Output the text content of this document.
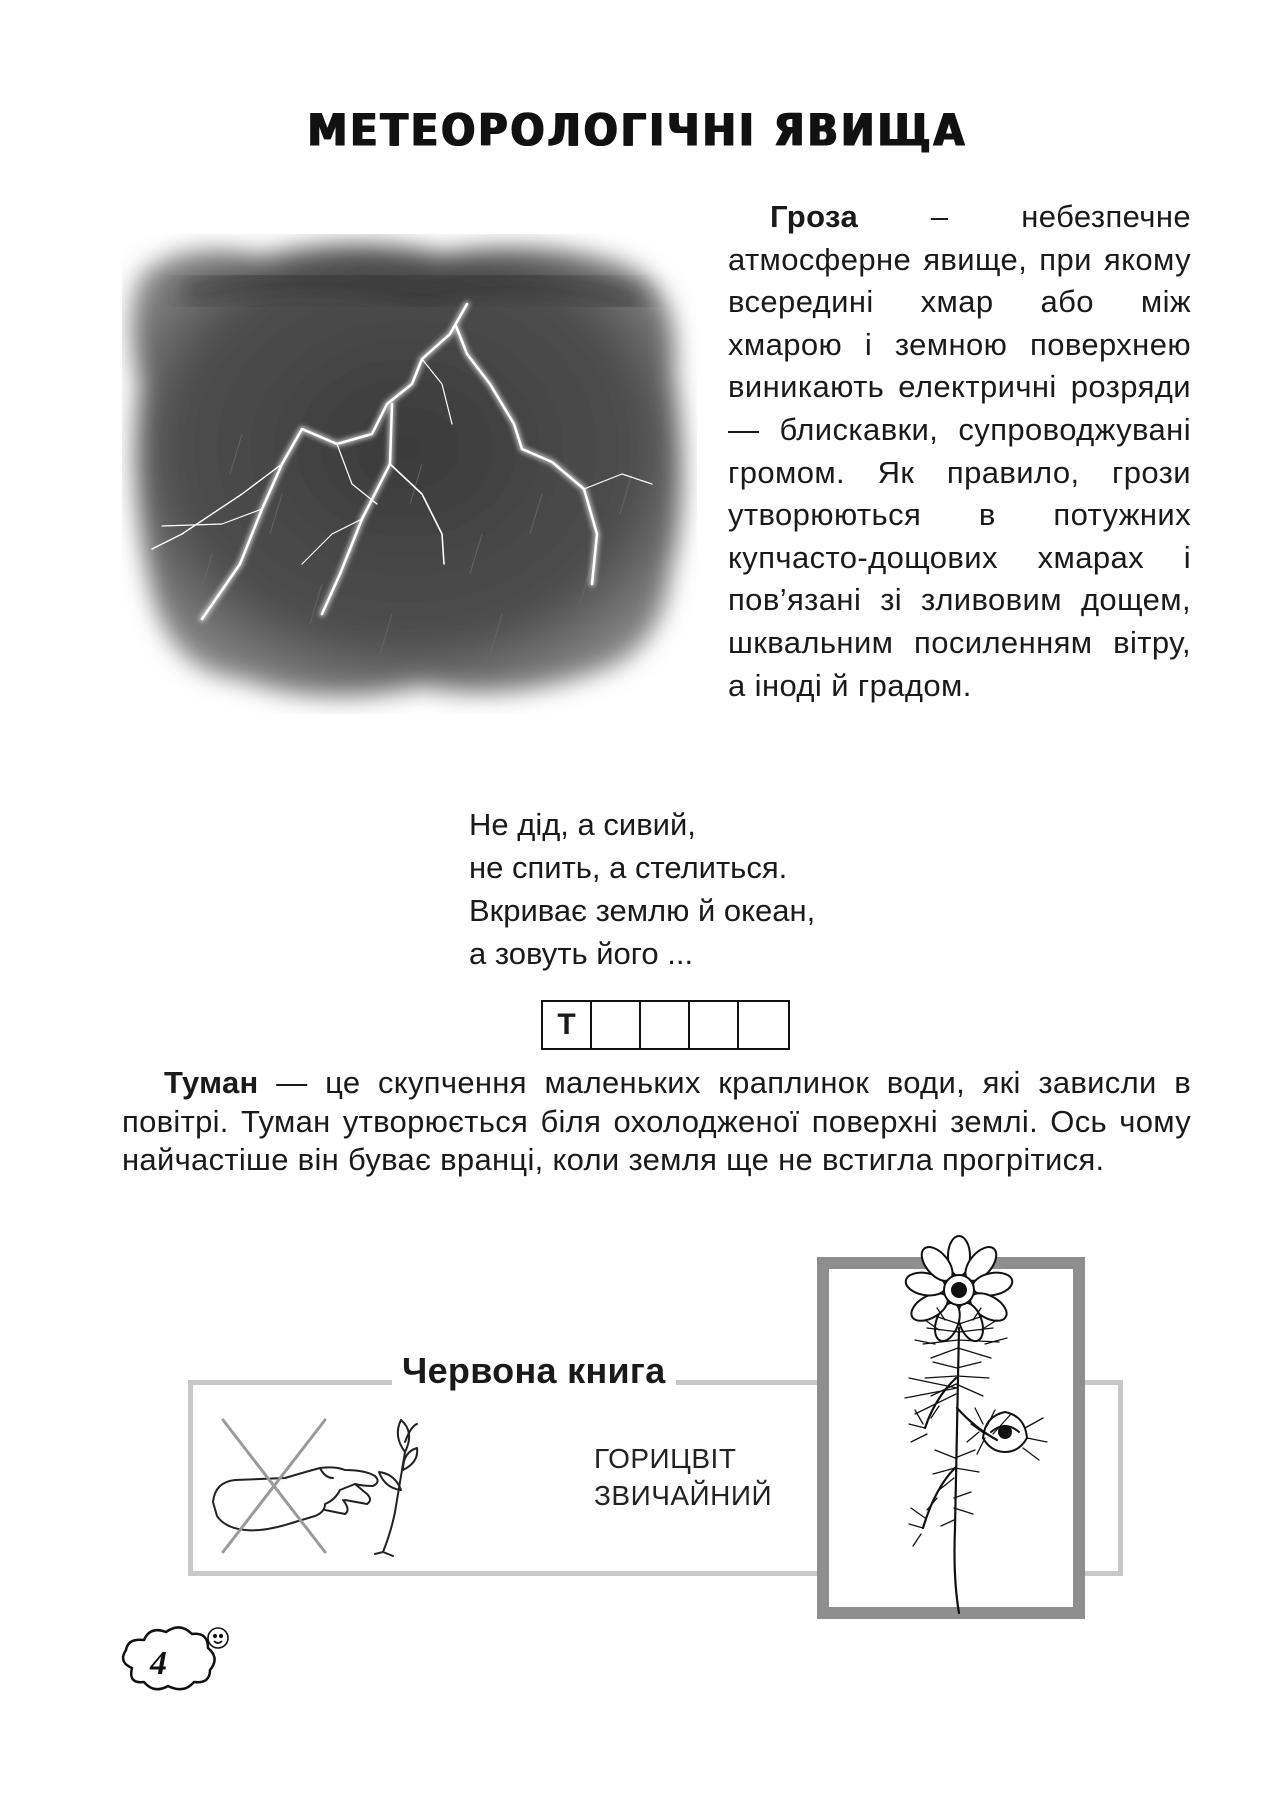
МЕТЕОРОЛОГІЧНІ ЯВИЩА

Гроза – небезпечне атмосферне явище, при якому всередині хмар або між хмарою і земною поверхнею виникають електричні розряди — блискавки, супроводжувані громом. Як правило, грози утворюються в потужних купчасто-дощових хмарах і пов’язані зі зливовим дощем, шквальним посиленням вітру, а іноді й градом.

Не дід, а сивий,
не спить, а стелиться.
Вкриває землю й океан,
а зовуть його ...
Т

Туман — це скупчення маленьких краплинок води, які зависли в повітрі. Туман утворюється біля охолодженої поверхні землі. Ось чому найчастіше він буває вранці, коли земля ще не встигла прогрітися.

Червона книга
ГОРИЦВІТ
ЗВИЧАЙНИЙ
4
